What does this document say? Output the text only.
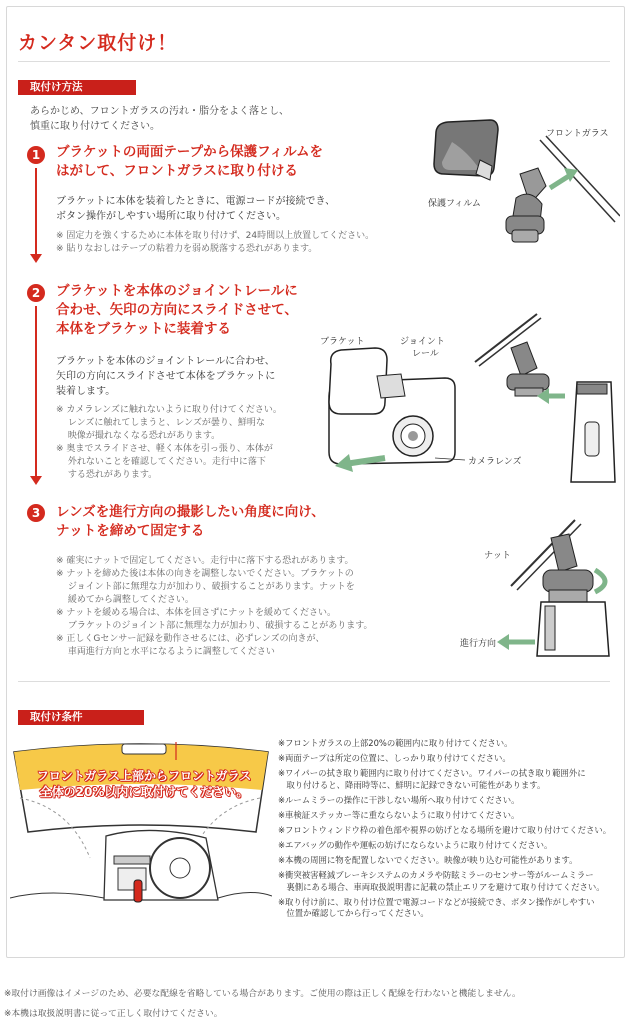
カンタン取付け！
取付け方法
あらかじめ、フロントガラスの汚れ・脂分をよく落とし、
慎重に取り付けてください。
1	ブラケットの両面テープから保護フィルムを
はがして、フロントガラスに取り付ける
ブラケットに本体を装着したときに、電源コードが接続でき、
ボタン操作がしやすい場所に取り付けてください。
※ 固定力を強くするために本体を取り付けず、24時間以上放置してください。
※ 貼りなおしはテープの粘着力を弱め脱落する恐れがあります。
フロントガラス
保護フィルム
2	ブラケットを本体のジョイントレールに
合わせ、矢印の方向にスライドさせて、
本体をブラケットに装着する
ブラケットを本体のジョイントレールに合わせ、
矢印の方向にスライドさせて本体をブラケットに
装着します。
※ カメラレンズに触れないように取り付けてください。
　 レンズに触れてしまうと、レンズが曇り、鮮明な
　 映像が撮れなくなる恐れがあります。
※ 奥までスライドさせ、軽く本体を引っ張り、本体が
　 外れないことを確認してください。走行中に落下
　 する恐れがあります。
ブラケット	ジョイント
レール
カメラレンズ
3	レンズを進行方向の撮影したい角度に向け、
ナットを締めて固定する
※ 確実にナットで固定してください。走行中に落下する恐れがあります。
※ ナットを締めた後は本体の向きを調整しないでください。ブラケットの
　 ジョイント部に無理な力が加わり、破損することがあります。ナットを
　 緩めてから調整してください。
※ ナットを緩める場合は、本体を回さずにナットを緩めてください。
　 ブラケットのジョイント部に無理な力が加わり、破損することがあります。
※ 正しくGセンサー記録を動作させるには、必ずレンズの向きが、
　 車両進行方向と水平になるように調整してください
ナット
進行方向
取付け条件
フロントガラス上部からフロントガラス
全体の20%以内に取付けてください。
※フロントガラスの上部20%の範囲内に取り付けてください。
※両面テープは所定の位置に、しっかり取り付けてください。
※ワイパーの拭き取り範囲内に取り付けてください。ワイパーの拭き取り範囲外に
　取り付けると、降雨時等に、鮮明に記録できない可能性があります。
※ルームミラーの操作に干渉しない場所へ取り付けてください。
※車検証ステッカー等に重ならないように取り付けてください。
※フロントウィンドウ枠の着色部や視界の妨げとなる場所を避けて取り付けてください。
※エアバッグの動作や運転の妨げにならないように取り付けてください。
※本機の周囲に物を配置しないでください。映像が映り込む可能性があります。
※衝突被害軽減ブレーキシステムのカメラや防眩ミラーのセンサー等がルームミラー
　裏側にある場合、車両取扱説明書に記載の禁止エリアを避けて取り付けてください。
※取り付け前に、取り付け位置で電源コードなどが接続でき、ボタン操作がしやすい
　位置か確認してから行ってください。
※取付け画像はイメージのため、必要な配線を省略している場合があります。ご使用の際は正しく配線を行わないと機能しません。
※本機は取扱説明書に従って正しく取付けてください。
